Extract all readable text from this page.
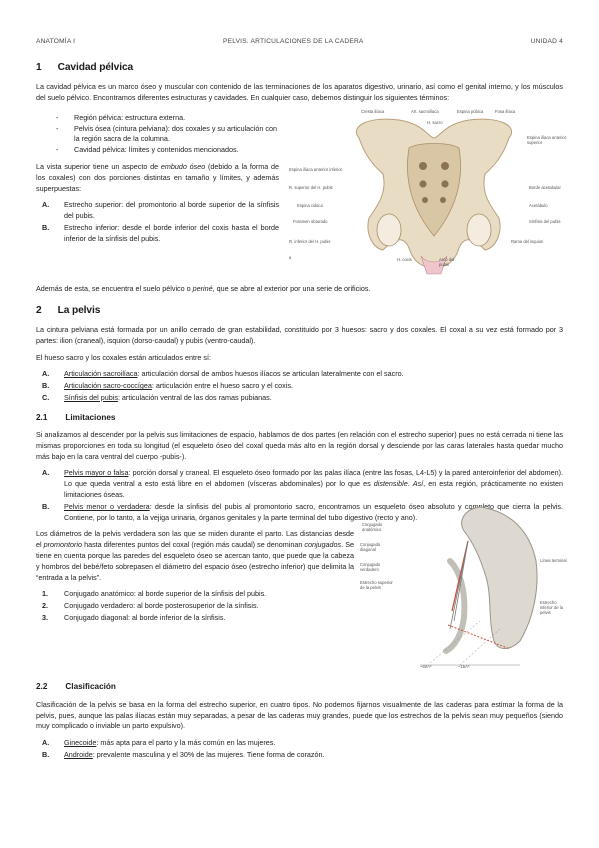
ANATOMÍA I	PELVIS. ARTICULACIONES DE LA CADERA	UNIDAD 4
1 Cavidad pélvica

La cavidad pélvica es un marco óseo y muscular con contenido de las terminaciones de los aparatos digestivo, urinario, así como el genital interno, y los músculos del suelo pélvico. Encontramos diferentes estructuras y cavidades. En cualquier caso, debemos distinguir los siguientes términos:

-	Región pélvica: estructura externa.
-	Pelvis ósea (cintura pelviana): dos coxales y su articulación con la región sacra de la columna.
-	Cavidad pélvica: límites y contenidos mencionados.

La vista superior tiene un aspecto de embudo óseo (debido a la forma de los coxales) con dos porciones distintas en tamaño y límites, y además superpuestas:

A.	Estrecho superior: del promontorio al borde superior de la sínfisis del pubis.
B.	Estrecho inferior: desde el borde inferior del coxis hasta el borde inferior de la sínfisis del pubis.
Cresta ilíaca	Art. sacroilíaca	Espina púbica	Fosa ilíaca
H. sacro
Espina ilíaca anterior superior
Espina ilíaca anterior inferior
R. superior del H. pubis	Borde acetabular
Espina ciática	Acetábulo
Foramen obturado	Sínfisis del pubis
R. inferior del H. pubis
H. coxis	Arco del pubis
Rama del isquion
a

Además de esta, se encuentra el suelo pélvico o periné, que se abre al exterior por una serie de orificios.

2 La pelvis

La cintura pelviana está formada por un anillo cerrado de gran estabilidad, constituido por 3 huesos: sacro y dos coxales. El coxal a su vez está formado por 3 partes: ilion (craneal), isquion (dorso-caudal) y pubis (ventro-caudal).

El hueso sacro y los coxales están articulados entre sí:

A.	Articulación sacroilíaca: articulación dorsal de ambos huesos ilíacos se articulan lateralmente con el sacro.
B.	Articulación sacro-coccígea: articulación entre el hueso sacro y el coxis.
C.	Sínfisis del pubis: articulación ventral de las dos ramas pubianas.
2.1 Limitaciones

Si analizamos al descender por la pelvis sus limitaciones de espacio, hablamos de dos partes (en relación con el estrecho superior) pues no está cerrada ni tiene las mismas proporciones en toda su longitud (el esqueleto óseo del coxal queda más alto en la región dorsal y desciende por las caras laterales hasta quedar mucho más bajo en la cara ventral del cuerpo -pubis-).

A.	Pelvis mayor o falsa: porción dorsal y craneal. El esqueleto óseo formado por las palas ilíaca (entre las fosas, L4-L5) y la pared anteroinferior del abdomen). Lo que queda ventral a esto está libre en el abdomen (vísceras abdominales) por lo que es distensible. Así, en esta región, prácticamente no existen limitaciones óseas.
B.	Pelvis menor o verdadera: desde la sínfisis del pubis al promontorio sacro, encontramos un esqueleto óseo absoluto y completo que cierra la pelvis. Contiene, por lo tanto, a la vejiga urinaria, órganos genitales y la parte terminal del tubo digestivo (recto y ano).

Los diámetros de la pelvis verdadera son las que se miden durante el parto. Las distancias desde el promontorio hasta diferentes puntos del coxal (región más caudal) se denominan conjugados. Se tiene en cuenta porque las paredes del esqueleto óseo se acercan tanto, que puede que la cabeza y hombros del bebé/feto sobrepasen el diámetro del espacio óseo (estrecho inferior) que delimita la “entrada a la pelvis”.

1.	Conjugado anatómico: al borde superior de la sínfisis del pubis.
2.	Conjugado verdadero: al borde posterosuperior de la sínfisis.
3.	Conjugado diagonal: al borde inferior de la sínfisis.
Conjugado anatómico
Conjugado diagonal
Conjugado verdadero
Estrecho superior de la pelvis
Línea terminal
Estrecho inferior de la pelvis
~60Aº	~15Aº
2.2 Clasificación

Clasificación de la pelvis se basa en la forma del estrecho superior, en cuatro tipos. No podemos fijarnos visualmente de las caderas para estimar la forma de la pelvis, pues, aunque las palas ilíacas están muy separadas, a pesar de las caderas muy grandes, puede que los estrechos de la pelvis sean muy pequeños (siendo muy complicado o inviable un parto expulsivo).

A.	Ginecoide: más apta para el parto y la más común en las mujeres.
B.	Androide: prevalente masculina y el 30% de las mujeres. Tiene forma de corazón.
